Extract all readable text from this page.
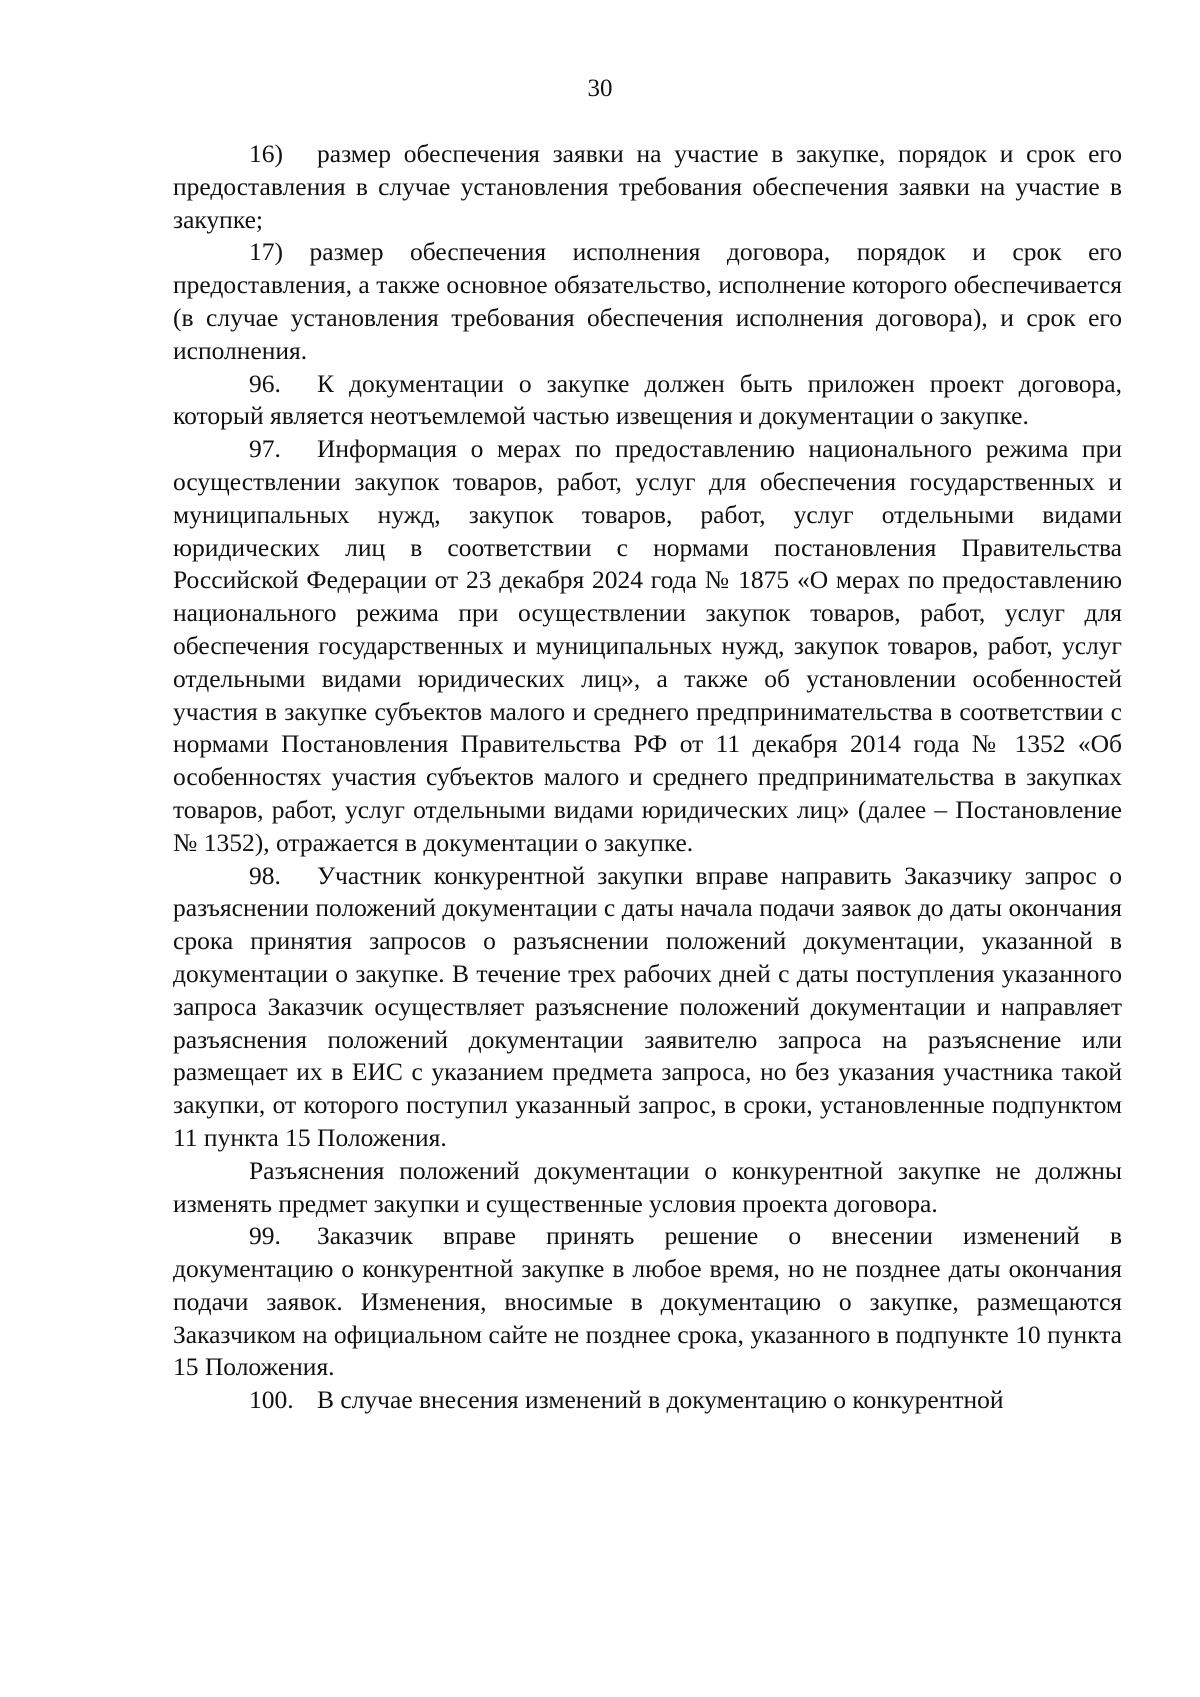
30

16) размер обеспечения заявки на участие в закупке, порядок и срок его предоставления в случае установления требования обеспечения заявки на участие в закупке;

17) размер обеспечения исполнения договора, порядок и срок его предоставления, а также основное обязательство, исполнение которого обеспечивается (в случае установления требования обеспечения исполнения договора), и срок его исполнения.

96. К документации о закупке должен быть приложен проект договора, который является неотъемлемой частью извещения и документации о закупке.

97. Информация о мерах по предоставлению национального режима при осуществлении закупок товаров, работ, услуг для обеспечения государственных и муниципальных нужд, закупок товаров, работ, услуг отдельными видами юридических лиц в соответствии с нормами постановления Правительства Российской Федерации от 23 декабря 2024 года № 1875 «О мерах по предоставлению национального режима при осуществлении закупок товаров, работ, услуг для обеспечения государственных и муниципальных нужд, закупок товаров, работ, услуг отдельными видами юридических лиц», а также об установлении особенностей участия в закупке субъектов малого и среднего предпринимательства в соответствии с нормами Постановления Правительства РФ от 11 декабря 2014 года № 1352 «Об особенностях участия субъектов малого и среднего предпринимательства в закупках товаров, работ, услуг отдельными видами юридических лиц» (далее – Постановление № 1352), отражается в документации о закупке.

98. Участник конкурентной закупки вправе направить Заказчику запрос о разъяснении положений документации с даты начала подачи заявок до даты окончания срока принятия запросов о разъяснении положений документации, указанной в документации о закупке. В течение трех рабочих дней с даты поступления указанного запроса Заказчик осуществляет разъяснение положений документации и направляет разъяснения положений документации заявителю запроса на разъяснение или размещает их в ЕИС с указанием предмета запроса, но без указания участника такой закупки, от которого поступил указанный запрос, в сроки, установленные подпунктом 11 пункта 15 Положения.

Разъяснения положений документации о конкурентной закупке не должны изменять предмет закупки и существенные условия проекта договора.

99. Заказчик вправе принять решение о внесении изменений в документацию о конкурентной закупке в любое время, но не позднее даты окончания подачи заявок. Изменения, вносимые в документацию о закупке, размещаются Заказчиком на официальном сайте не позднее срока, указанного в подпункте 10 пункта 15 Положения.

100. В случае внесения изменений в документацию о конкурентной
